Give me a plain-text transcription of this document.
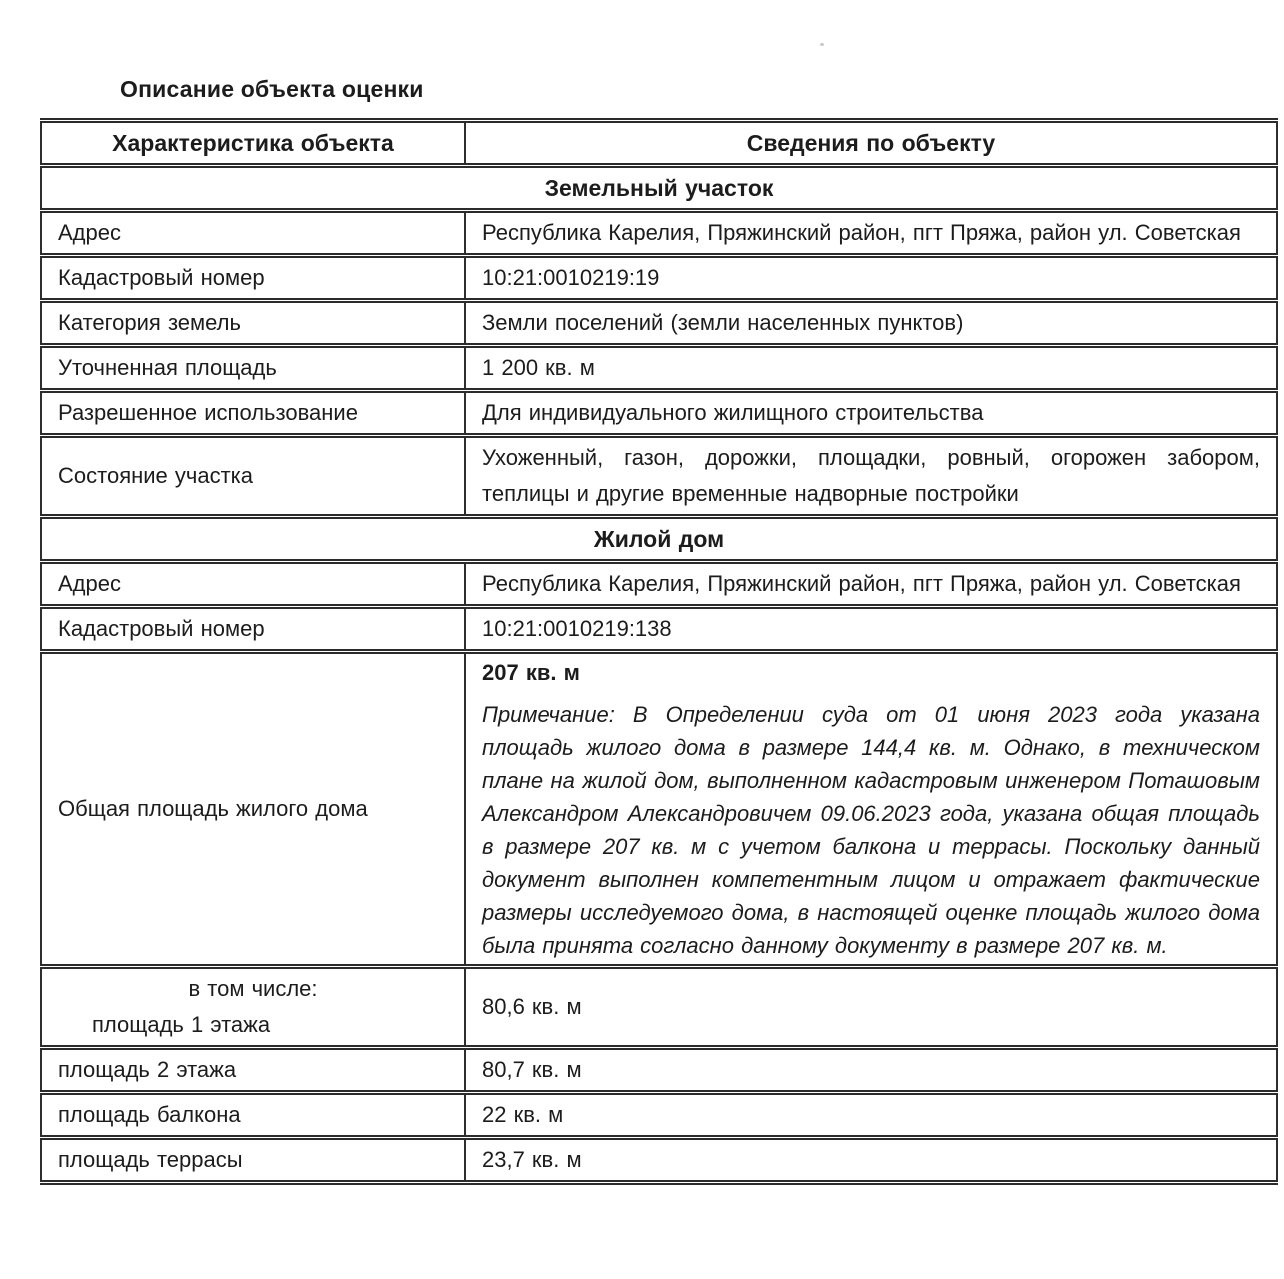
Описание объекта оценки
Характеристика объекта	Сведения по объекту
Земельный участок	
Адрес	Республика Карелия, Пряжинский район, пгт Пряжа, район ул. Советская
Кадастровый номер	10:21:0010219:19
Категория земель	Земли поселений (земли населенных пунктов)
Уточненная площадь	1 200 кв. м
Разрешенное использование	Для индивидуального жилищного строительства
Состояние участка	Ухоженный, газон, дорожки, площадки, ровный, огорожен забором, теплицы и другие временные надворные постройки
Жилой дом	
Адрес	Республика Карелия, Пряжинский район, пгт Пряжа, район ул. Советская
Кадастровый номер	10:21:0010219:138
Общая площадь жилого дома	207 кв. м

Примечание: В Определении суда от 01 июня 2023 года указана площадь жилого дома в размере 144,4 кв. м. Однако, в техническом плане на жилой дом, выполненном кадастровым инженером Поташовым Александром Александровичем 09.06.2023 года, указана общая площадь в размере 207 кв. м с учетом балкона и террасы. Поскольку данный документ выполнен компетентным лицом и отражает фактические размеры исследуемого дома, в настоящей оценке площадь жилого дома была принята согласно данному документу в размере 207 кв. м.

в том числе:
площадь 1 этажа	80,6 кв. м
площадь 2 этажа	80,7 кв. м
площадь балкона	22 кв. м
площадь террасы	23,7 кв. м
